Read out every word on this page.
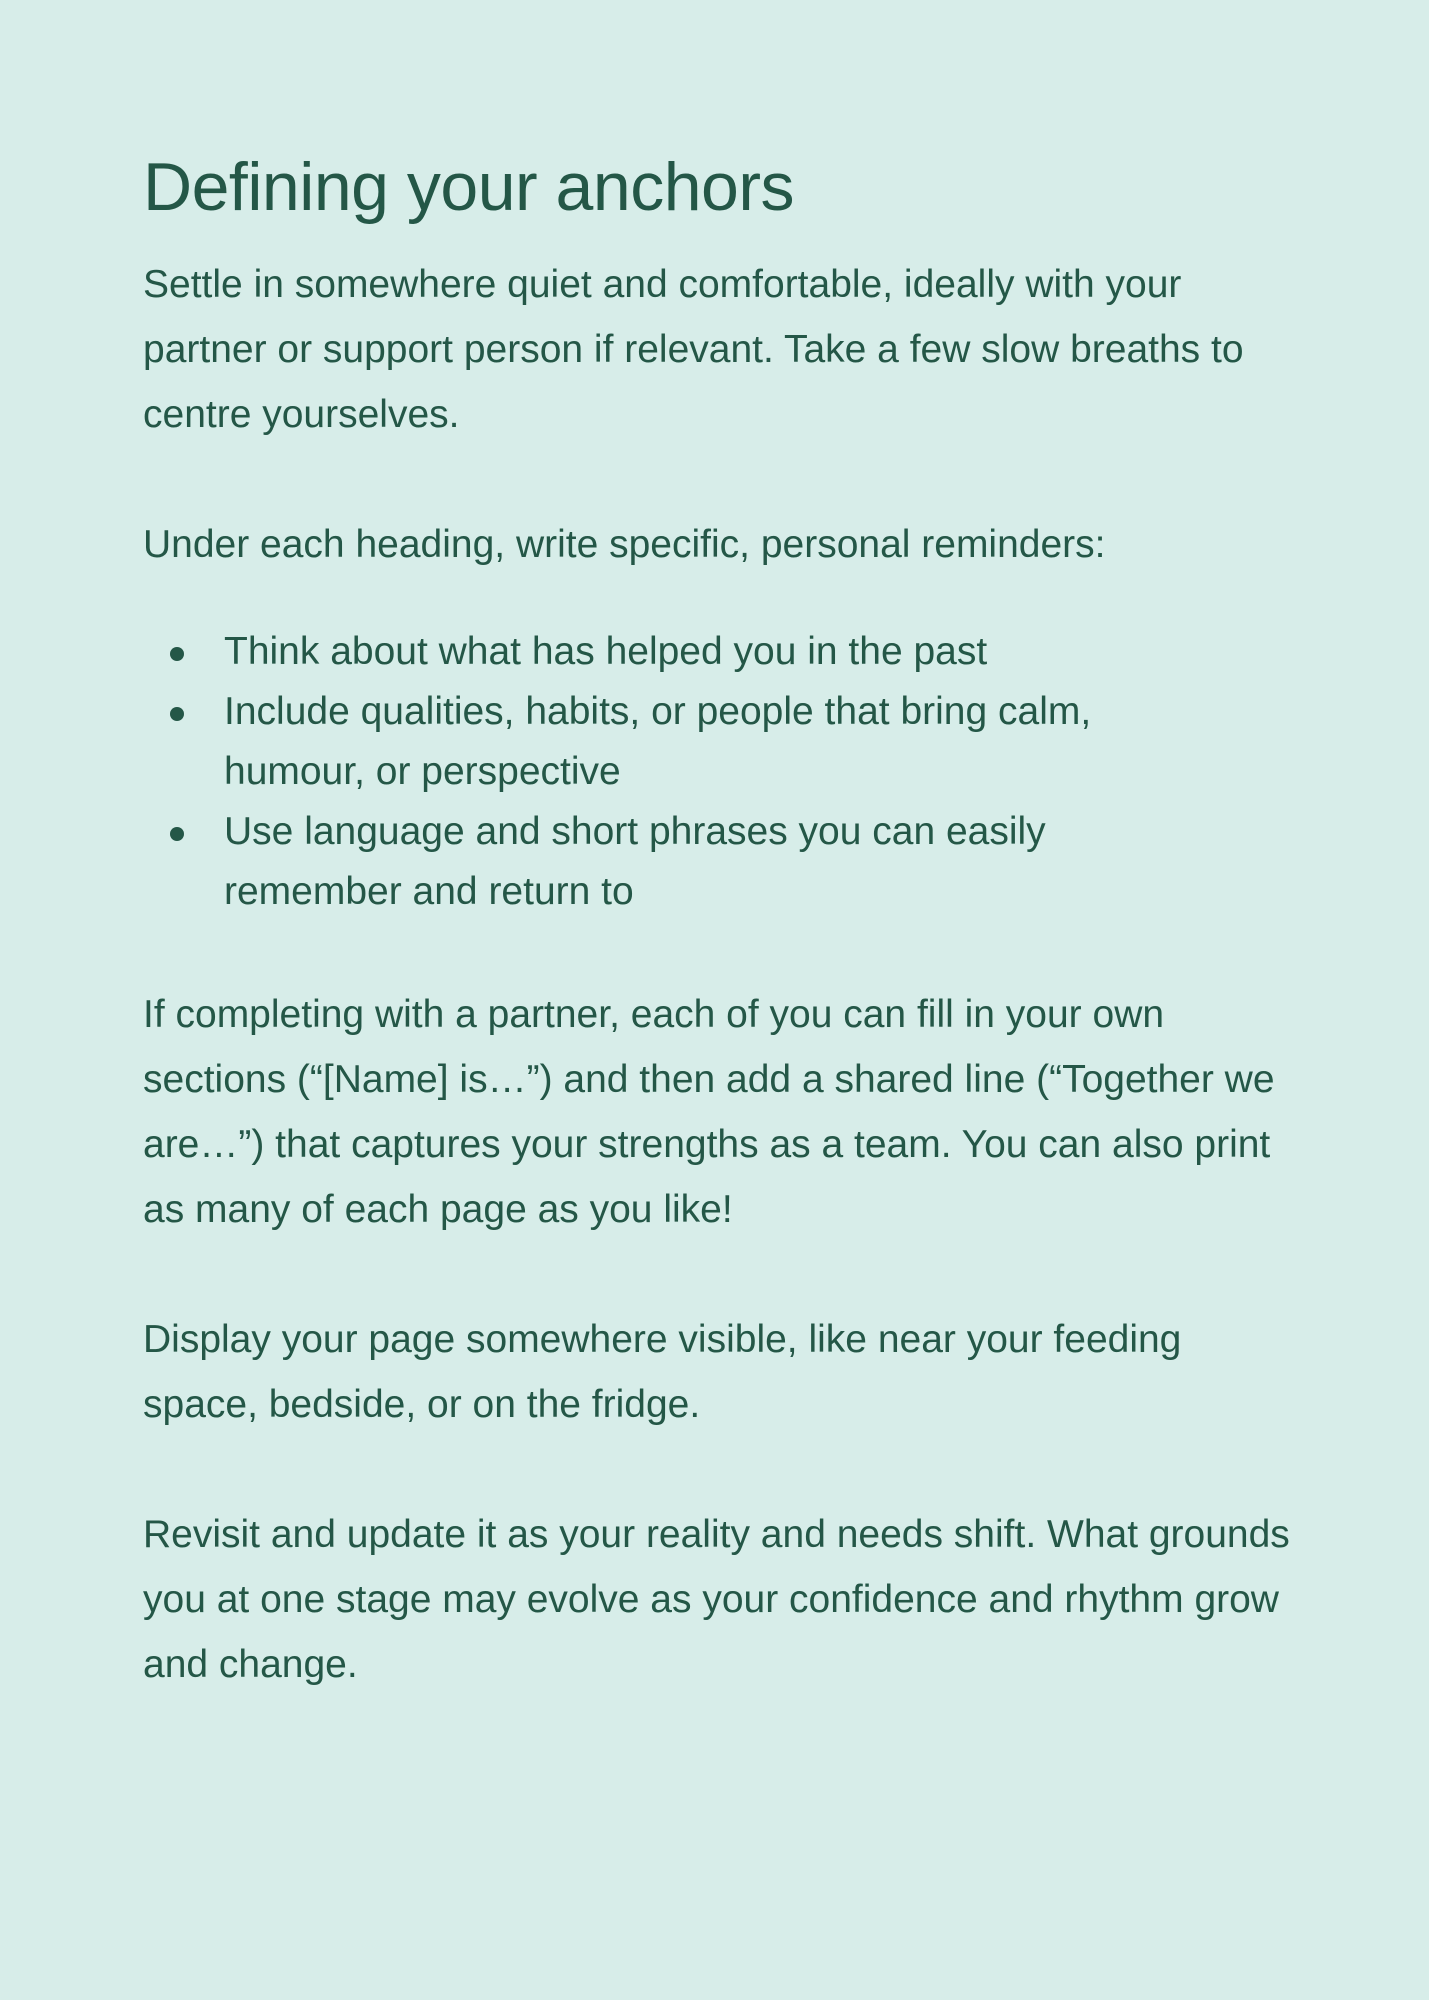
Defining your anchors

Settle in somewhere quiet and comfortable, ideally with your partner or support person if relevant. Take a few slow breaths to centre yourselves.

Under each heading, write specific, personal reminders:

Think about what has helped you in the past
Include qualities, habits, or people that bring calm, humour, or perspective
Use language and short phrases you can easily remember and return to

If completing with a partner, each of you can fill in your own sections (“[Name] is…”) and then add a shared line (“Together we are…”) that captures your strengths as a team. You can also print as many of each page as you like!

Display your page somewhere visible, like near your feeding space, bedside, or on the fridge.

Revisit and update it as your reality and needs shift. What grounds you at one stage may evolve as your confidence and rhythm grow and change.
